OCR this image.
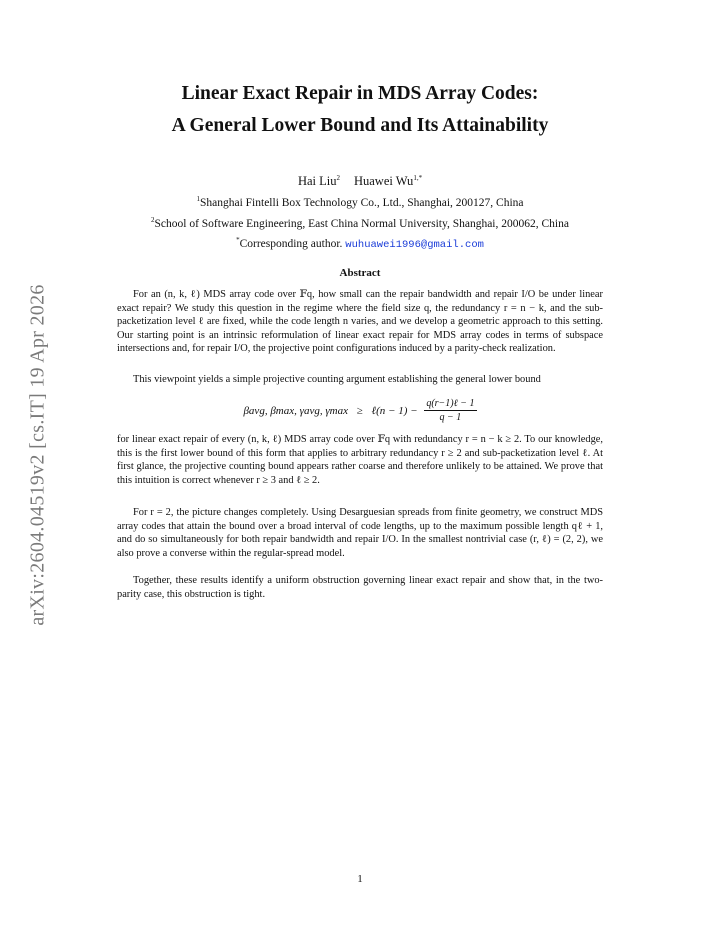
arXiv:2604.04519v2 [cs.IT] 19 Apr 2026
Linear Exact Repair in MDS Array Codes:
A General Lower Bound and Its Attainability
Hai Liu$^2$ Huawei $Wu^{1,*}$
$^1$Shanghai Fintelli Box Technology Co., Ltd., Shanghai, 200127, China
$^2$School of Software Engineering, East China Normal University, Shanghai, 200062, China
*Corresponding author. wuhuawei1996@gmail.com
Abstract
For an (n, k, ℓ) MDS array code over 𝔽q, how small can the repair bandwidth and repair I/O be under linear exact repair? We study this question in the regime where the field size q, the redundancy r = n − k, and the sub-packetization level ℓ are fixed, while the code length n varies, and we develop a geometric approach to this setting. Our starting point is an intrinsic reformulation of linear exact repair for MDS array codes in terms of subspace intersections and, for repair I/O, the projective point configurations induced by a parity-check realization.
This viewpoint yields a simple projective counting argument establishing the general lower bound
βavg, βmax, γavg, γmax ≥ ℓ(n − $1) - \frac{\text{q(r−1)ℓ − 1}}{q - 1}$
for linear exact repair of every (n, k, ℓ) MDS array code over 𝔽q with redundancy r = n − k ≥ 2. To our knowledge, this is the first lower bound of this form that applies to arbitrary redundancy r ≥ 2 and sub-packetization level ℓ. At first glance, the projective counting bound appears rather coarse and therefore unlikely to be attained. We prove that this intuition is correct whenever r ≥ 3 and ℓ ≥ 2.
For r = 2, the picture changes completely. Using Desarguesian spreads from finite geometry, we construct MDS array codes that attain the bound over a broad interval of code lengths, up to the maximum possible length qℓ + 1, and do so simultaneously for both repair bandwidth and repair I/O. In the smallest nontrivial case (r, ℓ) = (2, 2), we also prove a converse within the regular-spread model.
Together, these results identify a uniform obstruction governing linear exact repair and show that, in the two-parity case, this obstruction is tight.
1
